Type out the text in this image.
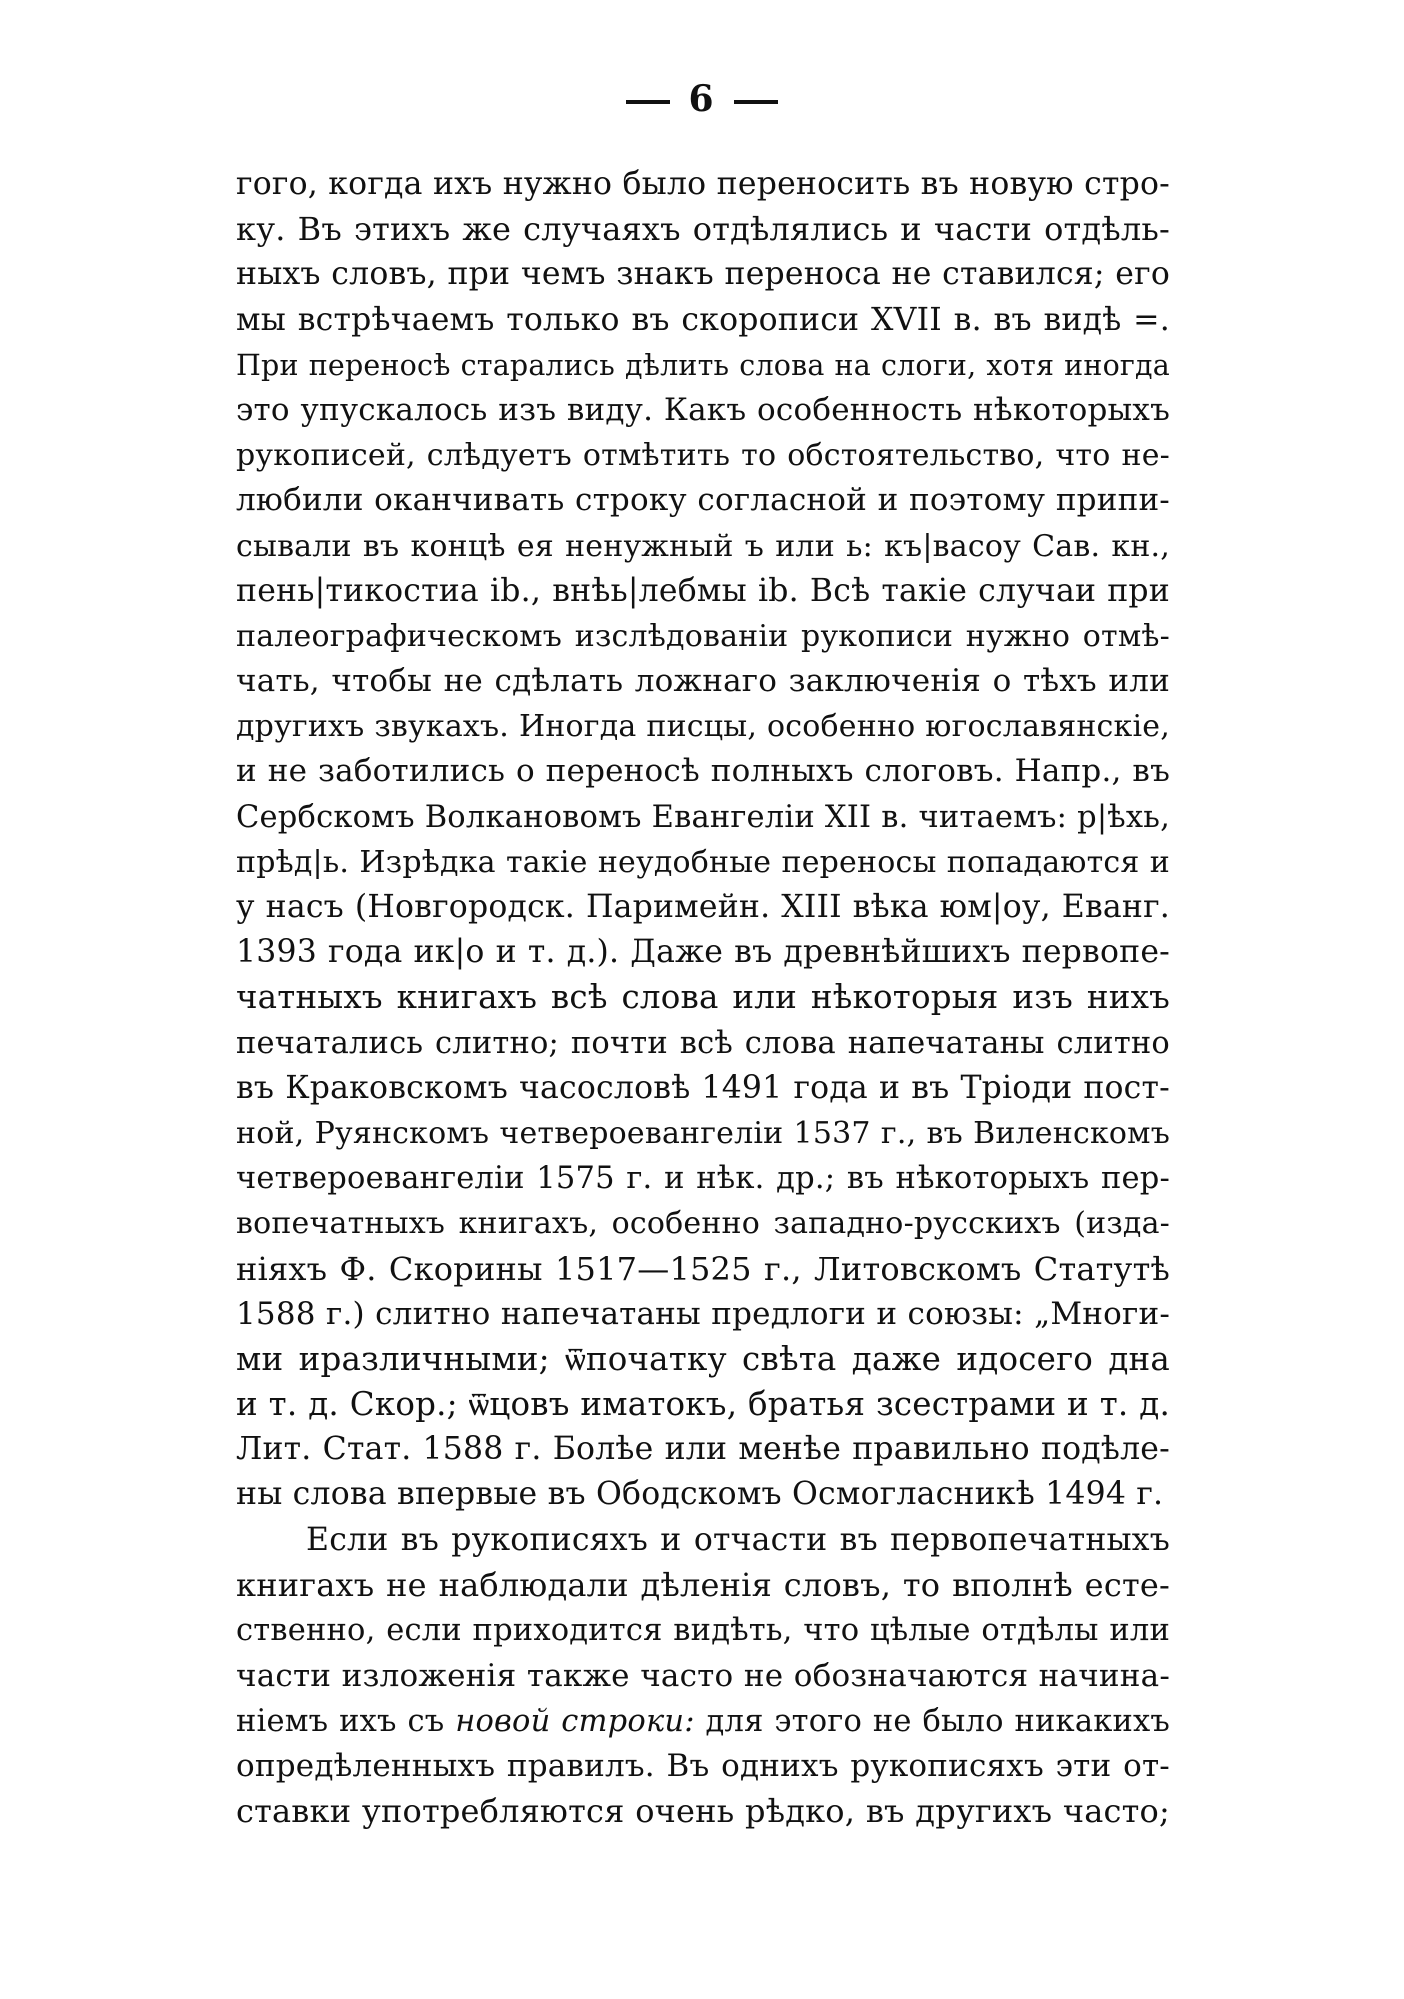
6
гого, когда ихъ нужно было переносить въ новую стро-
ку. Въ этихъ же случаяхъ отдѣлялись и части отдѣль-
ныхъ словъ, при чемъ знакъ переноса не ставился; его
мы встрѣчаемъ только въ скорописи XVII в. въ видѣ =.
При переносѣ старались дѣлить слова на слоги, хотя иногда
это упускалось изъ виду. Какъ особенность нѣкоторыхъ
рукописей, слѣдуетъ отмѣтить то обстоятельство, что не-
любили оканчивать строку согласной и поэтому припи-
сывали въ концѣ ея ненужный ъ или ь: къ|васоу Сав. кн.,
пень|тикостиа ib., внѣь|лебмы ib. Всѣ такіе случаи при
палеографическомъ изслѣдованіи рукописи нужно отмѣ-
чать, чтобы не сдѣлать ложнаго заключенія о тѣхъ или
другихъ звукахъ. Иногда писцы, особенно югославянскіе,
и не заботились о переносѣ полныхъ слоговъ. Напр., въ
Сербскомъ Волкановомъ Евангеліи XII в. читаемъ: р|ѣхь,
прѣд|ь. Изрѣдка такіе неудобные переносы попадаются и
у насъ (Новгородск. Паримейн. XIII вѣка юм|оу, Еванг.
1393 года ик|о и т. д.). Даже въ древнѣйшихъ первопе-
чатныхъ книгахъ всѣ слова или нѣкоторыя изъ нихъ
печатались слитно; почти всѣ слова напечатаны слитно
въ Краковскомъ часословѣ 1491 года и въ Тріоди пост-
ной, Руянскомъ четвероевангеліи 1537 г., въ Виленскомъ
четвероевангеліи 1575 г. и нѣк. др.; въ нѣкоторыхъ пер-
вопечатныхъ книгахъ, особенно западно-русскихъ (изда-
ніяхъ Ф. Скорины 1517—1525 г., Литовскомъ Статутѣ
1588 г.) слитно напечатаны предлоги и союзы: „Многи-
ми иразличными; ѿпочатку свѣта даже идосего дна
и т. д. Скор.; ѿцовъ иматокъ, братья зсестрами и т. д.
Лит. Стат. 1588 г. Болѣе или менѣе правильно подѣле-
ны слова впервые въ Ободскомъ Осмогласникѣ 1494 г.
Если въ рукописяхъ и отчасти въ первопечатныхъ
книгахъ не наблюдали дѣленія словъ, то вполнѣ есте-
ственно, если приходится видѣть, что цѣлые отдѣлы или
части изложенія также часто не обозначаются начина-
ніемъ ихъ съ новой строки: для этого не было никакихъ
опредѣленныхъ правилъ. Въ однихъ рукописяхъ эти от-
ставки употребляются очень рѣдко, въ другихъ часто;
